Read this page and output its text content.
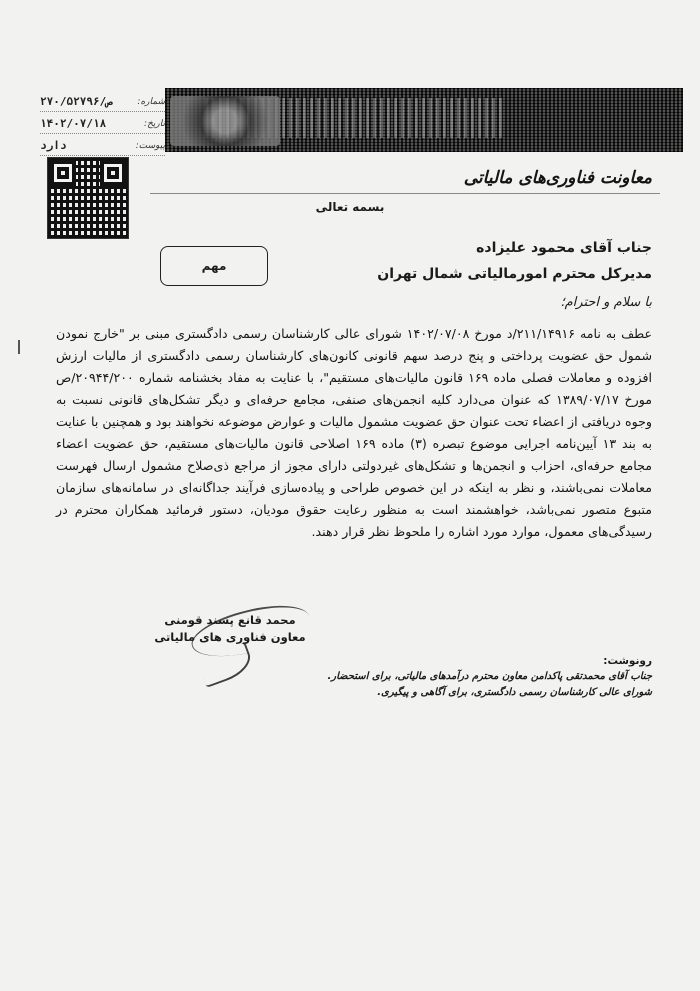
شماره:
۲۷۰/۵۲۷۹۶/ص
تاریخ:
۱۴۰۲/۰۷/۱۸
پیوست:
دارد
معاونت فناوری‌های مالیاتی
بسمه تعالی
جناب آقای محمود علیزاده
مدیرکل محترم امورمالیاتی شمال تهران
مهم
با سلام و احترام؛

عطف به نامه ۲۱۱/۱۴۹۱۶/د مورخ ۱۴۰۲/۰۷/۰۸ شورای عالی کارشناسان رسمی دادگستری مبنی بر "خارج نمودن شمول حق عضویت پرداختی و پنج درصد سهم قانونی کانون‌های کارشناسان رسمی دادگستری از مالیات ارزش افزوده و معاملات فصلی ماده ۱۶۹ قانون مالیات‌های مستقیم"، با عنایت به مفاد بخشنامه شماره ۲۰۹۴۴/۲۰۰/ص مورخ ۱۳۸۹/۰۷/۱۷ که عنوان می‌دارد کلیه انجمن‌های صنفی، مجامع حرفه‌ای و دیگر تشکل‌های قانونی نسبت به وجوه دریافتی از اعضاء تحت عنوان حق عضویت مشمول مالیات و عوارض موضوعه نخواهند بود و همچنین با عنایت به بند ۱۳ آیین‌نامه اجرایی موضوع تبصره (۳) ماده ۱۶۹ اصلاحی قانون مالیات‌های مستقیم، حق عضویت اعضاء مجامع حرفه‌ای، احزاب و انجمن‌ها و تشکل‌های غیردولتی دارای مجوز از مراجع ذی‌صلاح مشمول ارسال فهرست معاملات نمی‌باشند، و نظر به اینکه در این خصوص طراحی و پیاده‌سازی فرآیند جداگانه‌ای در سامانه‌های سازمان متبوع متصور نمی‌باشد، خواهشمند است به منظور رعایت حقوق مودیان، دستور فرمائید همکاران محترم در رسیدگی‌های معمول، موارد مورد اشاره را ملحوظ نظر قرار دهند.

محمد قانع پسند قومنی
معاون فناوری های مالیاتی
رونوشت:
جناب آقای محمدتقی پاکدامن معاون محترم درآمدهای مالیاتی، برای استحضار.
شورای عالی کارشناسان رسمی دادگستری، برای آگاهی و پیگیری.
